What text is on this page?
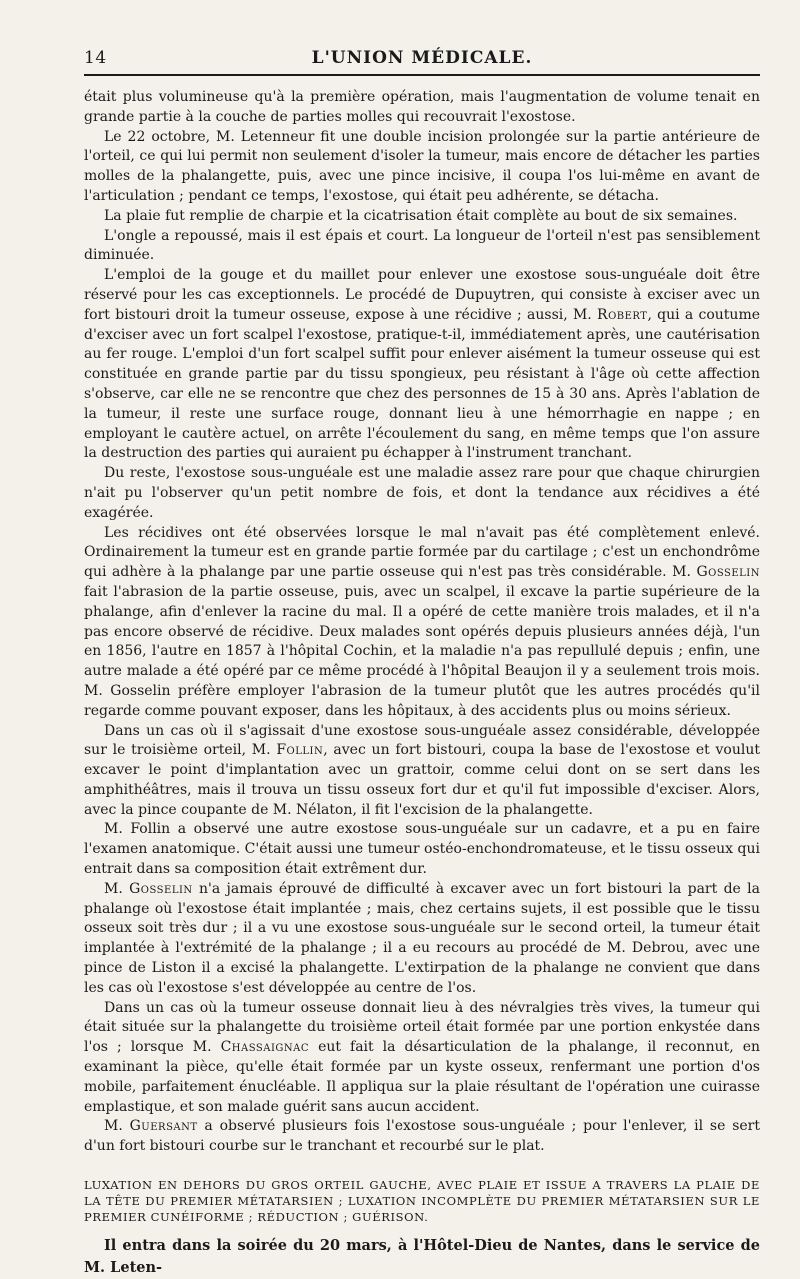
14	L'UNION MÉDICALE.

était plus volumineuse qu'à la première opération, mais l'augmentation de volume tenait en grande partie à la couche de parties molles qui recouvrait l'exostose.

Le 22 octobre, M. Letenneur fit une double incision prolongée sur la partie antérieure de l'orteil, ce qui lui permit non seulement d'isoler la tumeur, mais encore de détacher les parties molles de la phalangette, puis, avec une pince incisive, il coupa l'os lui-même en avant de l'articulation ; pendant ce temps, l'exostose, qui était peu adhérente, se détacha.

La plaie fut remplie de charpie et la cicatrisation était complète au bout de six semaines.

L'ongle a repoussé, mais il est épais et court. La longueur de l'orteil n'est pas sensiblement diminuée.

L'emploi de la gouge et du maillet pour enlever une exostose sous-unguéale doit être réservé pour les cas exceptionnels. Le procédé de Dupuytren, qui consiste à exciser avec un fort bistouri droit la tumeur osseuse, expose à une récidive ; aussi, M. Robert, qui a coutume d'exciser avec un fort scalpel l'exostose, pratique-t-il, immédiatement après, une cautérisation au fer rouge. L'emploi d'un fort scalpel suffit pour enlever aisément la tumeur osseuse qui est constituée en grande partie par du tissu spongieux, peu résistant à l'âge où cette affection s'observe, car elle ne se rencontre que chez des personnes de 15 à 30 ans. Après l'ablation de la tumeur, il reste une surface rouge, donnant lieu à une hémorrhagie en nappe ; en employant le cautère actuel, on arrête l'écoulement du sang, en même temps que l'on assure la destruction des parties qui auraient pu échapper à l'instrument tranchant.

Du reste, l'exostose sous-unguéale est une maladie assez rare pour que chaque chirurgien n'ait pu l'observer qu'un petit nombre de fois, et dont la tendance aux récidives a été exagérée.

Les récidives ont été observées lorsque le mal n'avait pas été complètement enlevé. Ordinairement la tumeur est en grande partie formée par du cartilage ; c'est un enchondrôme qui adhère à la phalange par une partie osseuse qui n'est pas très considérable. M. Gosselin fait l'abrasion de la partie osseuse, puis, avec un scalpel, il excave la partie supérieure de la phalange, afin d'enlever la racine du mal. Il a opéré de cette manière trois malades, et il n'a pas encore observé de récidive. Deux malades sont opérés depuis plusieurs années déjà, l'un en 1856, l'autre en 1857 à l'hôpital Cochin, et la maladie n'a pas repullulé depuis ; enfin, une autre malade a été opéré par ce même procédé à l'hôpital Beaujon il y a seulement trois mois. M. Gosselin préfère employer l'abrasion de la tumeur plutôt que les autres procédés qu'il regarde comme pouvant exposer, dans les hôpitaux, à des accidents plus ou moins sérieux.

Dans un cas où il s'agissait d'une exostose sous-unguéale assez considérable, développée sur le troisième orteil, M. Follin, avec un fort bistouri, coupa la base de l'exostose et voulut excaver le point d'implantation avec un grattoir, comme celui dont on se sert dans les amphithéâtres, mais il trouva un tissu osseux fort dur et qu'il fut impossible d'exciser. Alors, avec la pince coupante de M. Nélaton, il fit l'excision de la phalangette.

M. Follin a observé une autre exostose sous-unguéale sur un cadavre, et a pu en faire l'examen anatomique. C'était aussi une tumeur ostéo-enchondromateuse, et le tissu osseux qui entrait dans sa composition était extrêment dur.

M. Gosselin n'a jamais éprouvé de difficulté à excaver avec un fort bistouri la part de la phalange où l'exostose était implantée ; mais, chez certains sujets, il est possible que le tissu osseux soit très dur ; il a vu une exostose sous-unguéale sur le second orteil, la tumeur était implantée à l'extrémité de la phalange ; il a eu recours au procédé de M. Debrou, avec une pince de Liston il a excisé la phalangette. L'extirpation de la phalange ne convient que dans les cas où l'exostose s'est développée au centre de l'os.

Dans un cas où la tumeur osseuse donnait lieu à des névralgies très vives, la tumeur qui était située sur la phalangette du troisième orteil était formée par une portion enkystée dans l'os ; lorsque M. Chassaignac eut fait la désarticulation de la phalange, il reconnut, en examinant la pièce, qu'elle était formée par un kyste osseux, renfermant une portion d'os mobile, parfaitement énucléable. Il appliqua sur la plaie résultant de l'opération une cuirasse emplastique, et son malade guérit sans aucun accident.

M. Guersant a observé plusieurs fois l'exostose sous-unguéale ; pour l'enlever, il se sert d'un fort bistouri courbe sur le tranchant et recourbé sur le plat.

LUXATION EN DEHORS DU GROS ORTEIL GAUCHE, AVEC PLAIE ET ISSUE A TRAVERS LA PLAIE DE LA TÊTE DU PREMIER MÉTATARSIEN ; LUXATION INCOMPLÈTE DU PREMIER MÉTATARSIEN SUR LE PREMIER CUNÉIFORME ; RÉDUCTION ; GUÉRISON.

Il entra dans la soirée du 20 mars, à l'Hôtel-Dieu de Nantes, dans le service de M. Leten-
